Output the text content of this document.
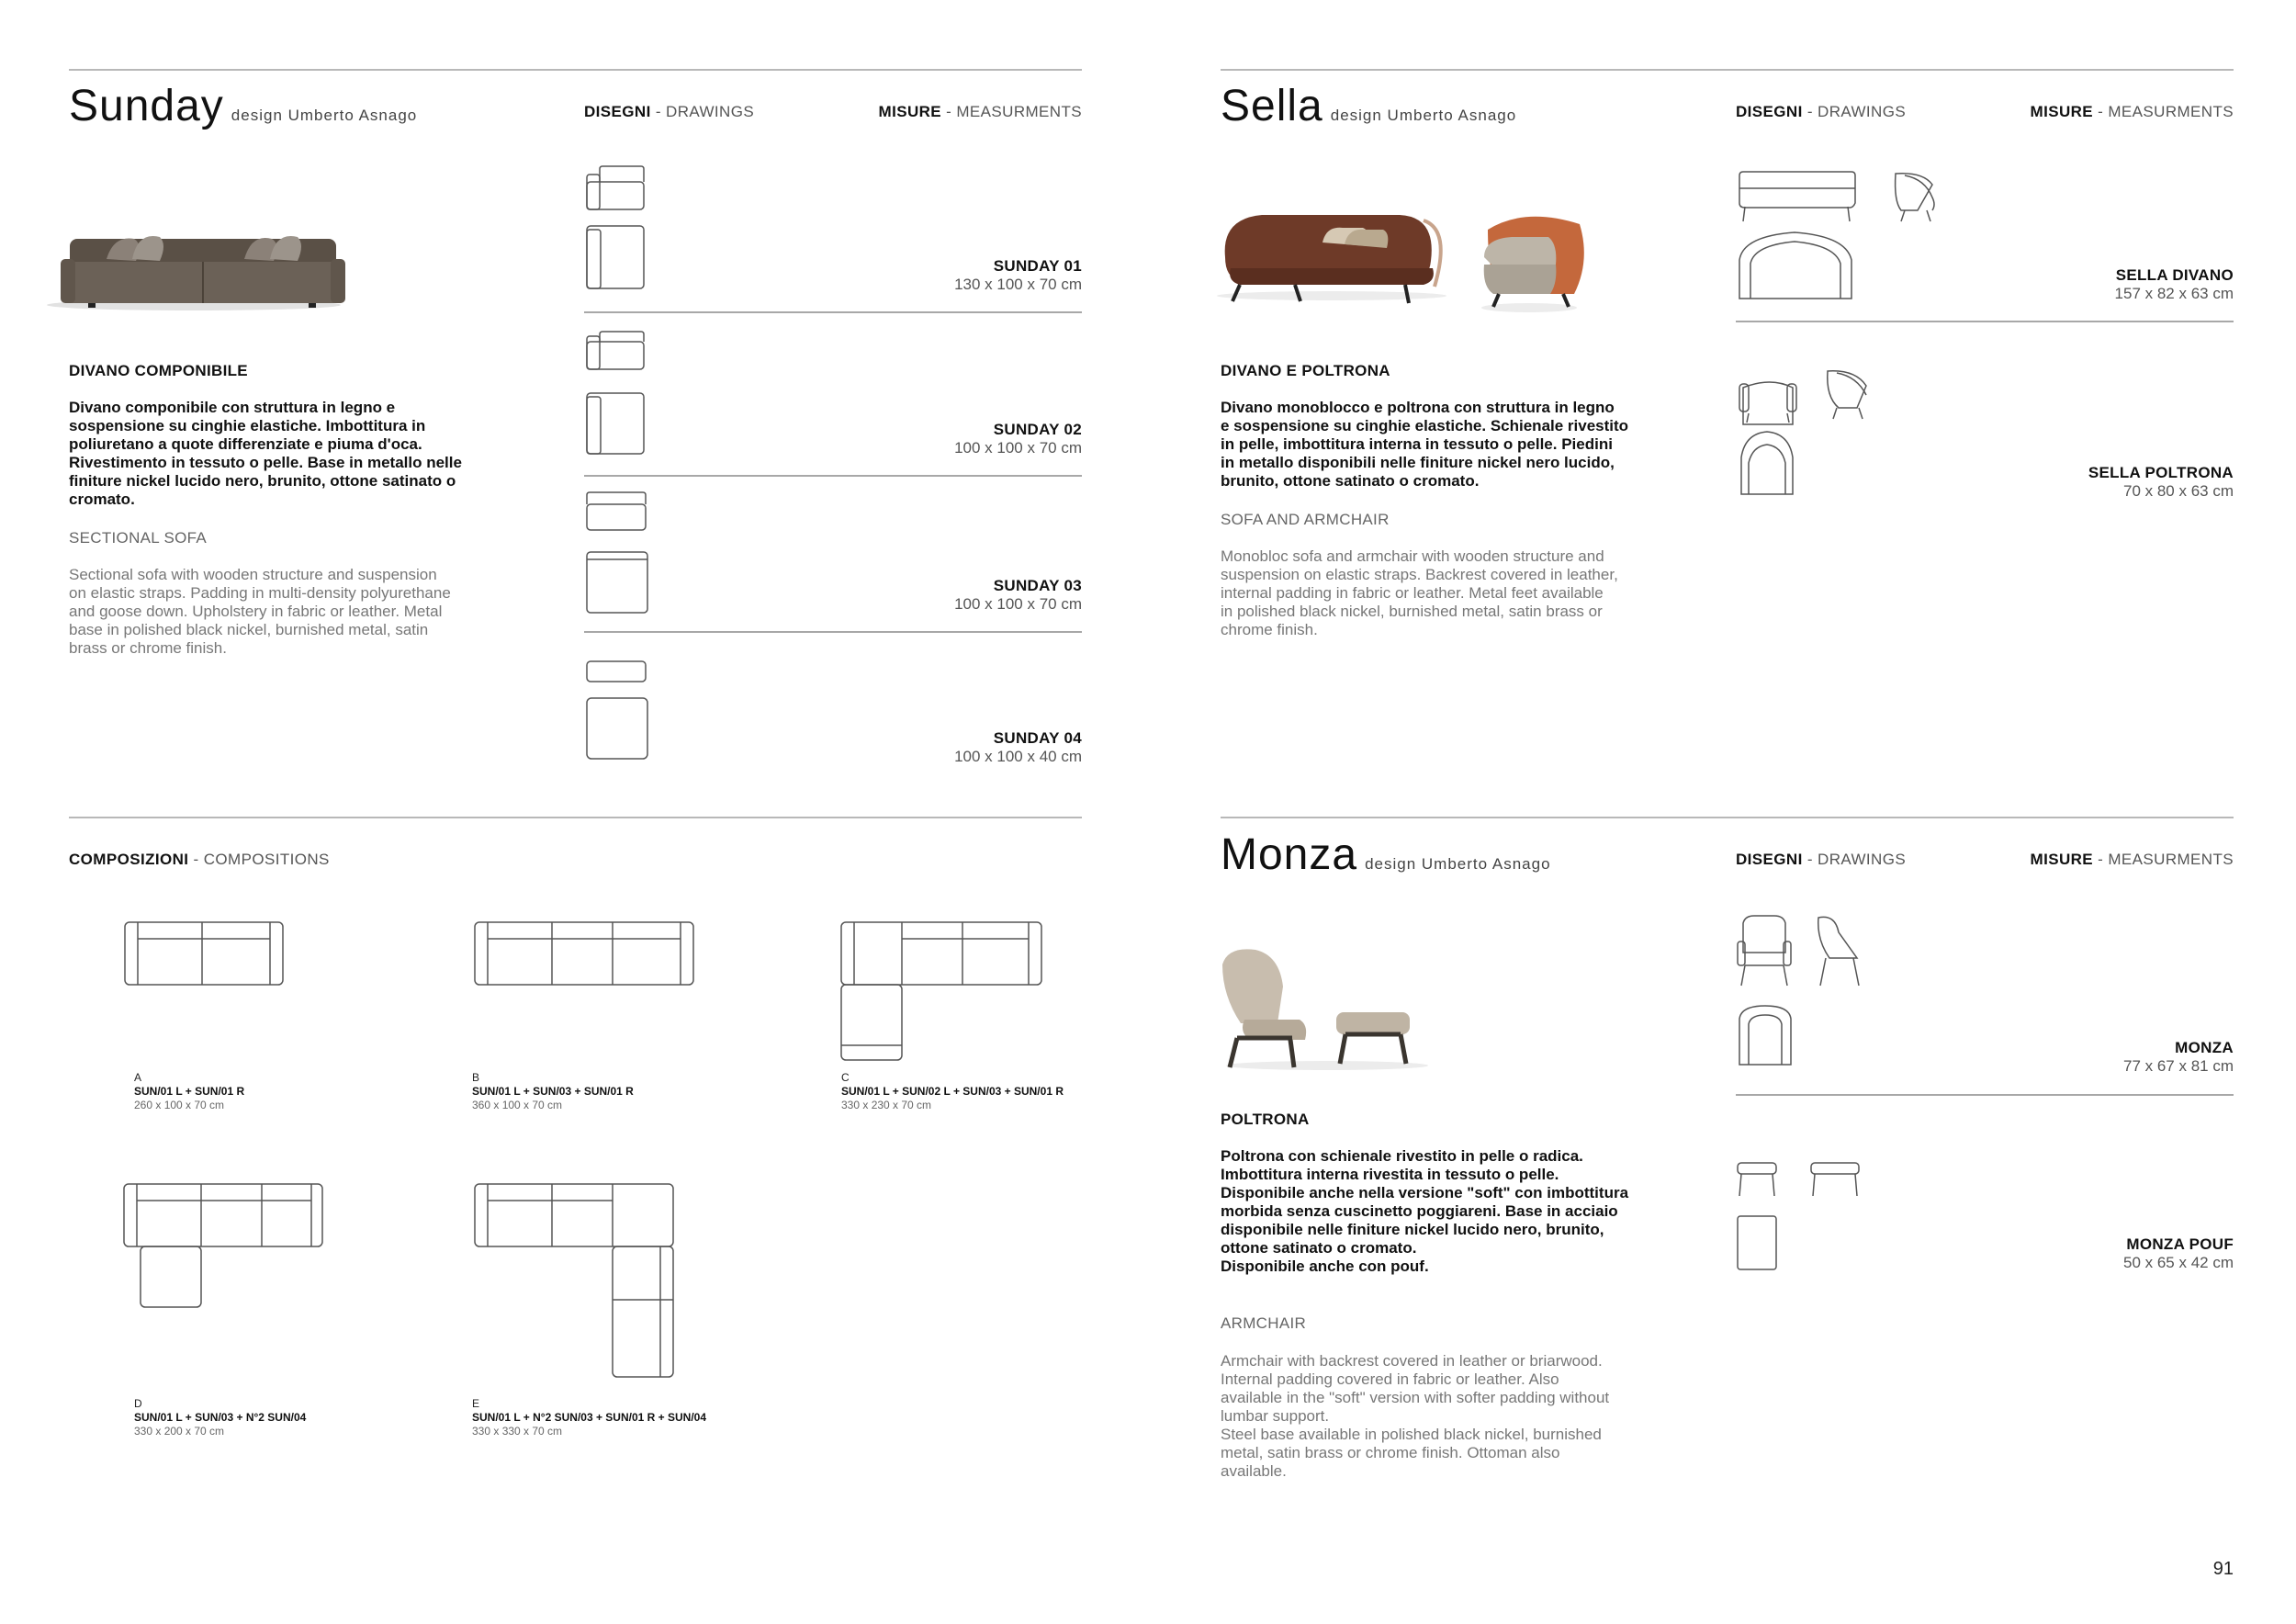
Sunday design Umberto Asnago	DISEGNI - DRAWINGS	MISURE - MEASURMENTS
DIVANO COMPONIBILE
Divano componibile con struttura in legno e
sospensione su cinghie elastiche. Imbottitura in
poliuretano a quote differenziate e piuma d'oca.
Rivestimento in tessuto o pelle. Base in metallo nelle
finiture nickel lucido nero, brunito, ottone satinato o
cromato.
SECTIONAL SOFA
Sectional sofa with wooden structure and suspension
on elastic straps. Padding in multi-density polyurethane
and goose down. Upholstery in fabric or leather. Metal
base in polished black nickel, burnished metal, satin
brass or chrome finish.
SUNDAY 01
130 x 100 x 70 cm
SUNDAY 02
100 x 100 x 70 cm
SUNDAY 03
100 x 100 x 70 cm
SUNDAY 04
100 x 100 x 40 cm
COMPOSIZIONI - COMPOSITIONS
A
SUN/01 L + SUN/01 R
260 x 100 x 70 cm
B
SUN/01 L + SUN/03 + SUN/01 R
360 x 100 x 70 cm
C
SUN/01 L + SUN/02 L + SUN/03 + SUN/01 R
330 x 230 x 70 cm
D
SUN/01 L + SUN/03 + N°2 SUN/04
330 x 200 x 70 cm
E
SUN/01 L + N°2 SUN/03 + SUN/01 R + SUN/04
330 x 330 x 70 cm
Sella design Umberto Asnago	DISEGNI - DRAWINGS	MISURE - MEASURMENTS
DIVANO E POLTRONA
Divano monoblocco e poltrona con struttura in legno
e sospensione su cinghie elastiche. Schienale rivestito
in pelle, imbottitura interna in tessuto o pelle. Piedini
in metallo disponibili nelle finiture nickel nero lucido,
brunito, ottone satinato o cromato.
SOFA AND ARMCHAIR
Monobloc sofa and armchair with wooden structure and
suspension on elastic straps. Backrest covered in leather,
internal padding in fabric or leather. Metal feet available
in polished black nickel, burnished metal, satin brass or
chrome finish.
SELLA DIVANO
157 x 82 x 63 cm
SELLA POLTRONA
70 x 80 x 63 cm
Monza design Umberto Asnago	DISEGNI - DRAWINGS	MISURE - MEASURMENTS
POLTRONA
Poltrona con schienale rivestito in pelle o radica.
Imbottitura interna rivestita in tessuto o pelle.
Disponibile anche nella versione "soft" con imbottitura
morbida senza cuscinetto poggiareni. Base in acciaio
disponibile nelle finiture nickel lucido nero, brunito,
ottone satinato o cromato.
Disponibile anche con pouf.
ARMCHAIR
Armchair with backrest covered in leather or briarwood.
Internal padding covered in fabric or leather. Also
available in the "soft" version with softer padding without
lumbar support.
Steel base available in polished black nickel, burnished
metal, satin brass or chrome finish. Ottoman also
available.
MONZA
77 x 67 x 81 cm
MONZA POUF
50 x 65 x 42 cm
91
